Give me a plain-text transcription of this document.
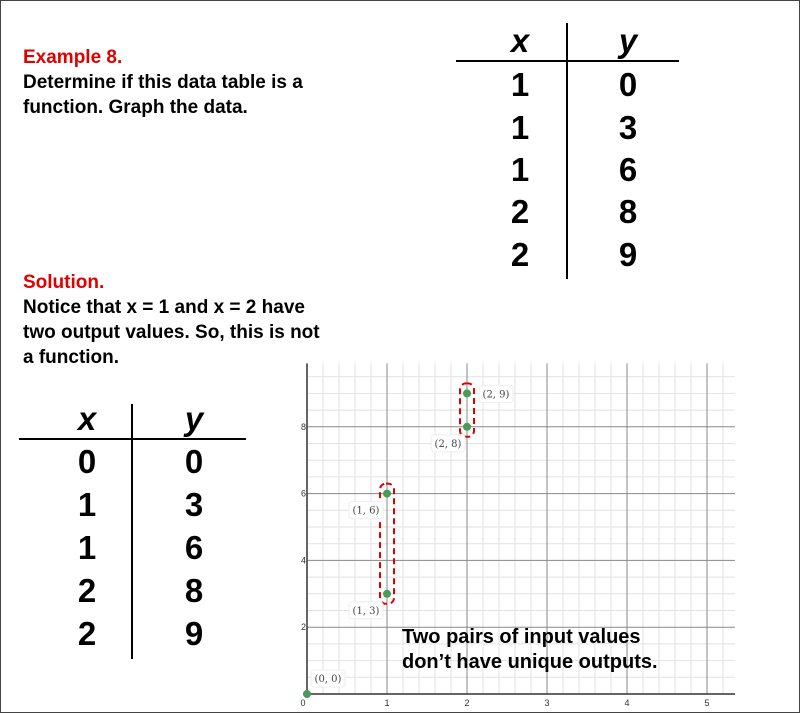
Example 8.
Determine if this data table is a
function. Graph the data.
Solution.
Notice that x = 1 and x = 2 have
two output values. So, this is not
a function.
x	y
1	0
1	3
1	6
2	8
2	9
x	y
0	0
1	3
1	6
2	8
2	9
0	1	2	3	4	5
2
4
6
8
(0, 0)
(1, 3)
(1, 6)
(2, 8)
(2, 9)
Two pairs of input values
don’t have unique outputs.
